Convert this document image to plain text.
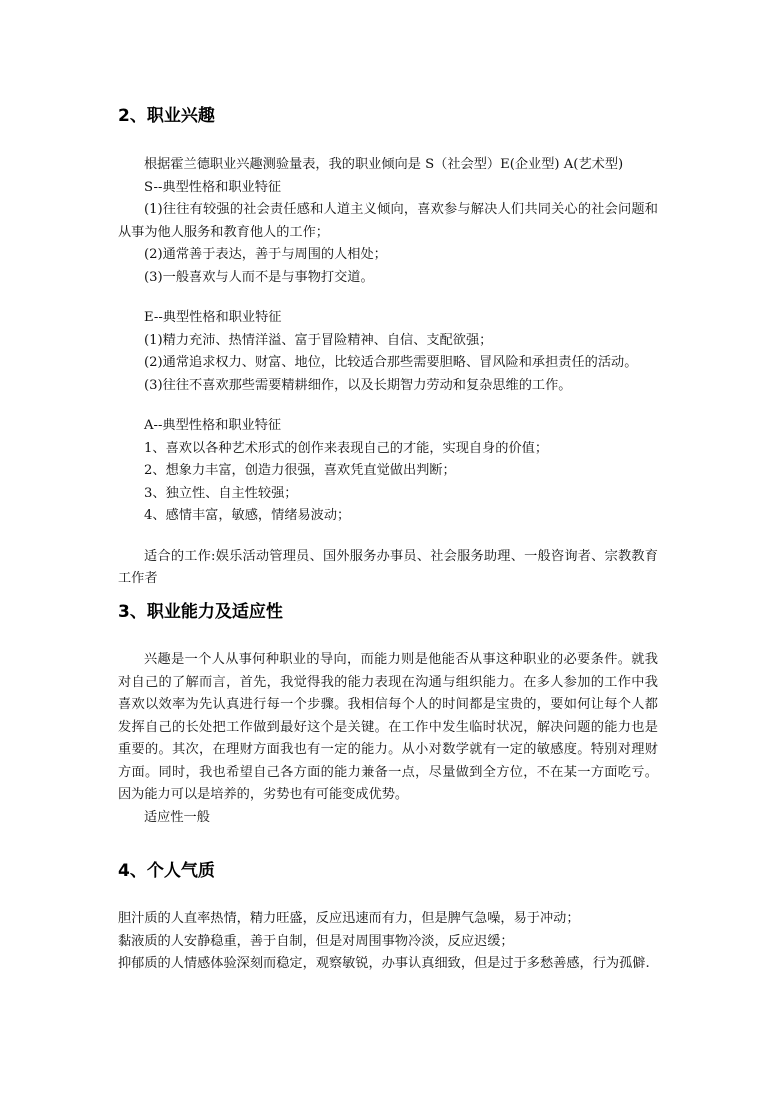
2、职业兴趣
根据霍兰德职业兴趣测验量表，我的职业倾向是 S（社会型）E(企业型) A(艺术型)
S--典型性格和职业特征
(1)往往有较强的社会责任感和人道主义倾向，喜欢参与解决人们共同关心的社会问题和从事为他人服务和教育他人的工作；
(2)通常善于表达，善于与周围的人相处；
(3)一般喜欢与人而不是与事物打交道。
E--典型性格和职业特征
(1)精力充沛、热情洋溢、富于冒险精神、自信、支配欲强；
(2)通常追求权力、财富、地位，比较适合那些需要胆略、冒风险和承担责任的活动。
(3)往往不喜欢那些需要精耕细作，以及长期智力劳动和复杂思维的工作。
A--典型性格和职业特征
1、喜欢以各种艺术形式的创作来表现自己的才能，实现自身的价值；
2、想象力丰富，创造力很强，喜欢凭直觉做出判断；
3、独立性、自主性较强；
4、感情丰富，敏感，情绪易波动；
适合的工作:娱乐活动管理员、国外服务办事员、社会服务助理、一般咨询者、宗教教育工作者
3、职业能力及适应性
兴趣是一个人从事何种职业的导向，而能力则是他能否从事这种职业的必要条件。就我对自己的了解而言，首先，我觉得我的能力表现在沟通与组织能力。在多人参加的工作中我喜欢以效率为先认真进行每一个步骤。我相信每个人的时间都是宝贵的，要如何让每个人都发挥自己的长处把工作做到最好这个是关键。在工作中发生临时状况，解决问题的能力也是重要的。其次，在理财方面我也有一定的能力。从小对数学就有一定的敏感度。特别对理财方面。同时，我也希望自己各方面的能力兼备一点，尽量做到全方位，不在某一方面吃亏。 因为能力可以是培养的，劣势也有可能变成优势。
适应性一般
4、个人气质
胆汁质的人直率热情，精力旺盛，反应迅速而有力，但是脾气急噪，易于冲动；
黏液质的人安静稳重，善于自制，但是对周围事物冷淡，反应迟缓；
抑郁质的人情感体验深刻而稳定，观察敏锐，办事认真细致，但是过于多愁善感，行为孤僻.
